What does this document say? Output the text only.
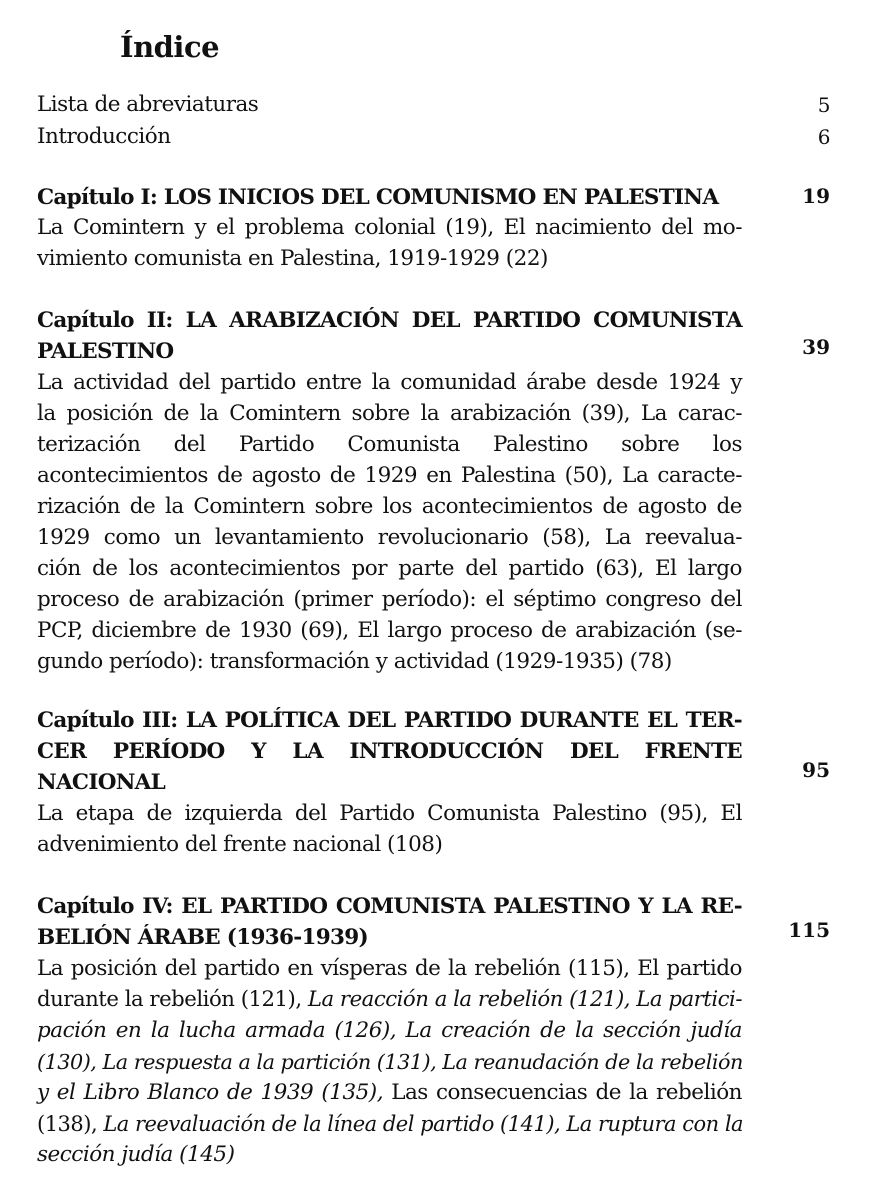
Índice
Lista de abreviaturas	5
Introducción	6
Capítulo I: LOS INICIOS DEL COMUNISMO EN PALESTINA	19
La Comintern y el problema colonial (19), El nacimiento del mo-
vimiento comunista en Palestina, 1919-1929 (22)
Capítulo II: LA ARABIZACIÓN DEL PARTIDO COMUNISTA
PALESTINO	39
La actividad del partido entre la comunidad árabe desde 1924 y
la posición de la Comintern sobre la arabización (39), La carac-
terización del Partido Comunista Palestino sobre los
acontecimientos de agosto de 1929 en Palestina (50), La caracte-
rización de la Comintern sobre los acontecimientos de agosto de
1929 como un levantamiento revolucionario (58), La reevalua-
ción de los acontecimientos por parte del partido (63), El largo
proceso de arabización (primer período): el séptimo congreso del
PCP, diciembre de 1930 (69), El largo proceso de arabización (se-
gundo período): transformación y actividad (1929-1935) (78)
Capítulo III: LA POLÍTICA DEL PARTIDO DURANTE EL TER-
CER PERÍODO Y LA INTRODUCCIÓN DEL FRENTE
NACIONAL	95
La etapa de izquierda del Partido Comunista Palestino (95), El
advenimiento del frente nacional (108)
Capítulo IV: EL PARTIDO COMUNISTA PALESTINO Y LA RE-
BELIÓN ÁRABE (1936-1939)	115
La posición del partido en vísperas de la rebelión (115), El partido
durante la rebelión (121), La reacción a la rebelión (121), La partici-
pación en la lucha armada (126), La creación de la sección judía
(130), La respuesta a la partición (131), La reanudación de la rebelión
y el Libro Blanco de 1939 (135), Las consecuencias de la rebelión
(138), La reevaluación de la línea del partido (141), La ruptura con la
sección judía (145)
